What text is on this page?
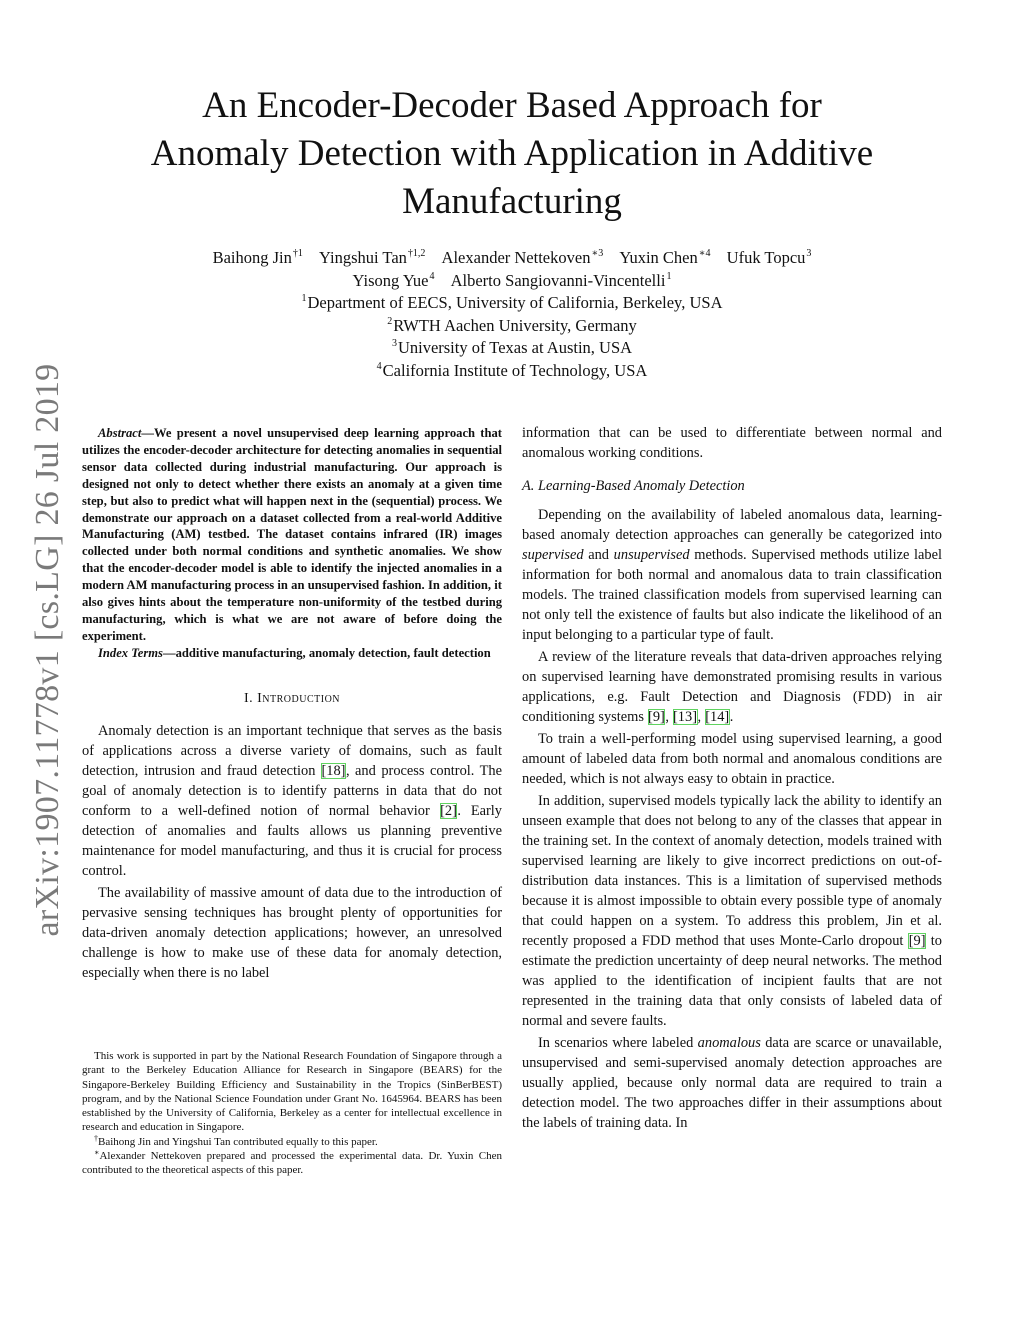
arXiv:1907.11778v1 [cs.LG] 26 Jul 2019
An Encoder-Decoder Based Approach for
Anomaly Detection with Application in Additive
Manufacturing
Baihong Jin$^{\dagger 1}$ Yingshui Tan$^{\dagger 1,2}$ Alexander Nettekoven$^{∗3}$ Yuxin Chen$^{∗4}$ Ufuk Topcu$^3$
Yisong Yue$^4$ Alberto Sangiovanni-Vincentelli$^1$
$^1$Department of EECS, University of California, Berkeley, USA
$^2$RWTH Aachen University, Germany
$^3$University of Texas at Austin, USA
$^4$California Institute of Technology, USA

Abstract—We present a novel unsupervised deep learning approach that utilizes the encoder-decoder architecture for detecting anomalies in sequential sensor data collected during industrial manufacturing. Our approach is designed not only to detect whether there exists an anomaly at a given time step, but also to predict what will happen next in the (sequential) process. We demonstrate our approach on a dataset collected from a real-world Additive Manufacturing (AM) testbed. The dataset contains infrared (IR) images collected under both normal conditions and synthetic anomalies. We show that the encoder-decoder model is able to identify the injected anomalies in a modern AM manufacturing process in an unsupervised fashion. In addition, it also gives hints about the temperature non-uniformity of the testbed during manufacturing, which is what we are not aware of before doing the experiment.

Index Terms—additive manufacturing, anomaly detection, fault detection

I. Introduction

Anomaly detection is an important technique that serves as the basis of applications across a diverse variety of domains, such as fault detection, intrusion and fraud detection [18], and process control. The goal of anomaly detection is to identify patterns in data that do not conform to a well-defined notion of normal behavior [2]. Early detection of anomalies and faults allows us planning preventive maintenance for model manufacturing, and thus it is crucial for process control.

The availability of massive amount of data due to the introduction of pervasive sensing techniques has brought plenty of opportunities for data-driven anomaly detection applications; however, an unresolved challenge is how to make use of these data for anomaly detection, especially when there is no label

This work is supported in part by the National Research Foundation of Singapore through a grant to the Berkeley Education Alliance for Research in Singapore (BEARS) for the Singapore-Berkeley Building Efficiency and Sustainability in the Tropics (SinBerBEST) program, and by the National Science Foundation under Grant No. 1645964. BEARS has been established by the University of California, Berkeley as a center for intellectual excellence in research and education in Singapore.

†Baihong Jin and Yingshui Tan contributed equally to this paper.

∗Alexander Nettekoven prepared and processed the experimental data. Dr. Yuxin Chen contributed to the theoretical aspects of this paper.

information that can be used to differentiate between normal and anomalous working conditions.

A. Learning-Based Anomaly Detection

Depending on the availability of labeled anomalous data, learning-based anomaly detection approaches can generally be categorized into supervised and unsupervised methods. Supervised methods utilize label information for both normal and anomalous data to train classification models. The trained classification models from supervised learning can not only tell the existence of faults but also indicate the likelihood of an input belonging to a particular type of fault.

A review of the literature reveals that data-driven approaches relying on supervised learning have demonstrated promising results in various applications, e.g. Fault Detection and Diagnosis (FDD) in air conditioning systems [9], [13], [14].

To train a well-performing model using supervised learning, a good amount of labeled data from both normal and anomalous conditions are needed, which is not always easy to obtain in practice.

In addition, supervised models typically lack the ability to identify an unseen example that does not belong to any of the classes that appear in the training set. In the context of anomaly detection, models trained with supervised learning are likely to give incorrect predictions on out-of-distribution data instances. This is a limitation of supervised methods because it is almost impossible to obtain every possible type of anomaly that could happen on a system. To address this problem, Jin et al. recently proposed a FDD method that uses Monte-Carlo dropout [9] to estimate the prediction uncertainty of deep neural networks. The method was applied to the identification of incipient faults that are not represented in the training data that only consists of labeled data of normal and severe faults.

In scenarios where labeled anomalous data are scarce or unavailable, unsupervised and semi-supervised anomaly detection approaches are usually applied, because only normal data are required to train a detection model. The two approaches differ in their assumptions about the labels of training data. In
